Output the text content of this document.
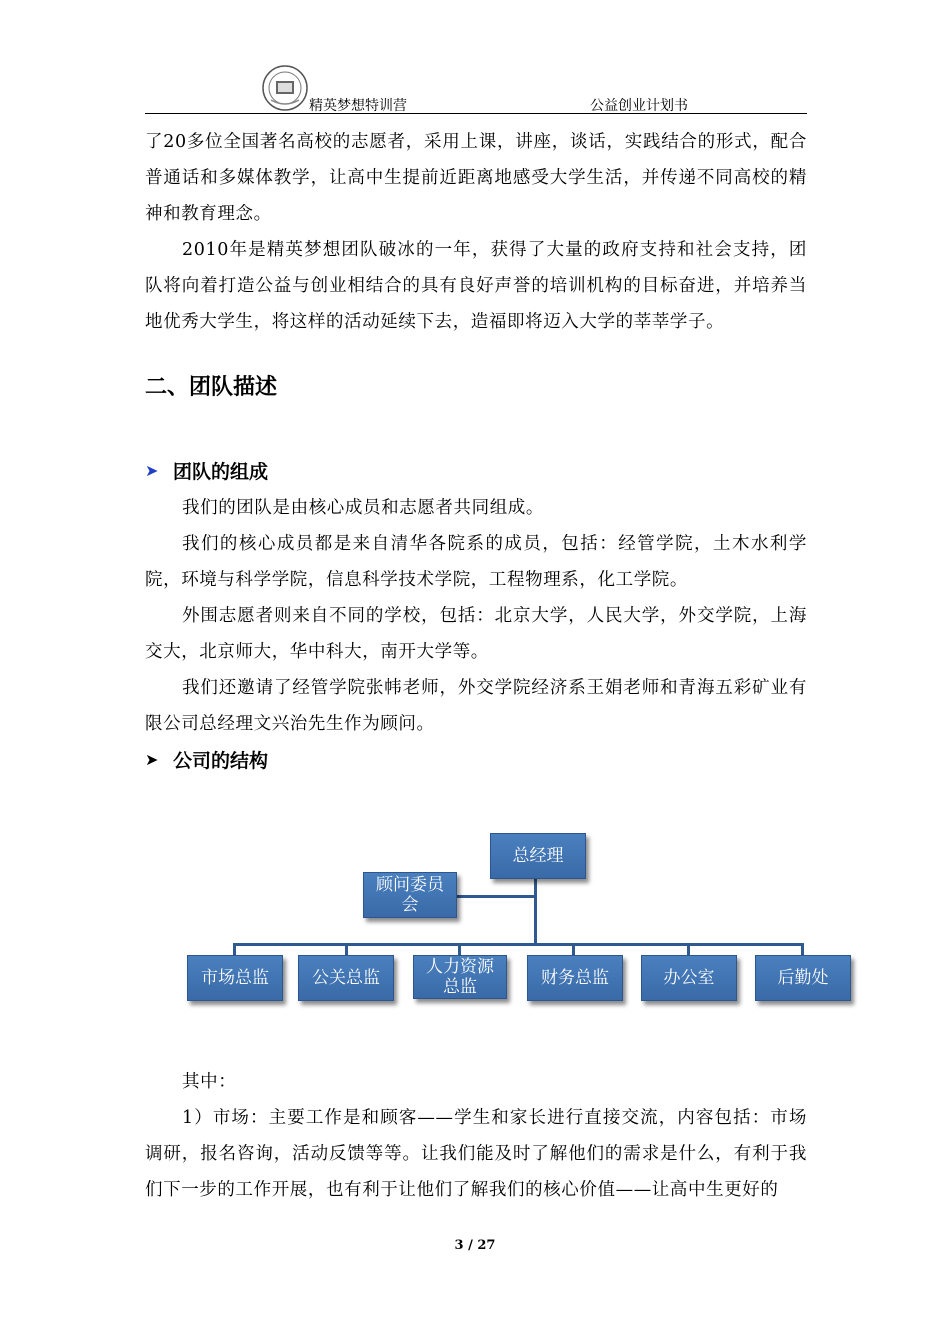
精英梦想特训营	公益创业计划书
了20多位全国著名高校的志愿者，采用上课，讲座，谈话，实践结合的形式，配合普通话和多媒体教学，让高中生提前近距离地感受大学生活，并传递不同高校的精神和教育理念。
2010年是精英梦想团队破冰的一年，获得了大量的政府支持和社会支持，团队将向着打造公益与创业相结合的具有良好声誉的培训机构的目标奋进，并培养当地优秀大学生，将这样的活动延续下去，造福即将迈入大学的莘莘学子。
二、团队描述
➤ 团队的组成
我们的团队是由核心成员和志愿者共同组成。
我们的核心成员都是来自清华各院系的成员，包括：经管学院，土木水利学院，环境与科学学院，信息科学技术学院，工程物理系，化工学院。
外围志愿者则来自不同的学校，包括：北京大学，人民大学，外交学院，上海交大，北京师大，华中科大，南开大学等。
我们还邀请了经管学院张帏老师，外交学院经济系王娟老师和青海五彩矿业有限公司总经理文兴治先生作为顾问。
➤ 公司的结构
总经理
顾问委员会
市场总监	公关总监
人力资源总监	财务总监	办公室	后勤处
其中：
1）市场：主要工作是和顾客——学生和家长进行直接交流，内容包括：市场调研，报名咨询，活动反馈等等。让我们能及时了解他们的需求是什么，有利于我们下一步的工作开展，也有利于让他们了解我们的核心价值——让高中生更好的
3 / 27
